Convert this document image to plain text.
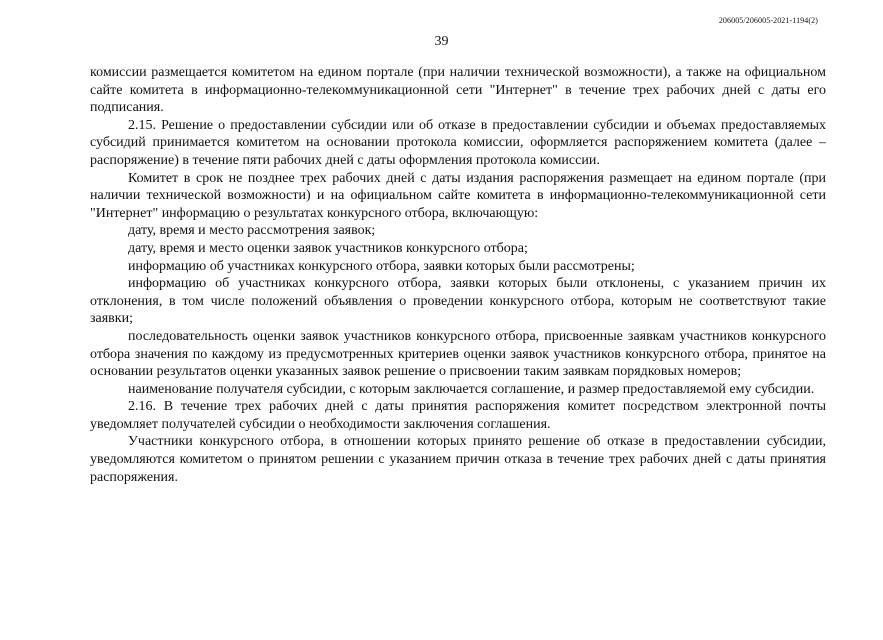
206005/206005-2021-1194(2)
39

комиссии размещается комитетом на едином портале (при наличии технической возможности), а также на официальном сайте комитета в информационно-телекоммуникационной сети "Интернет" в течение трех рабочих дней с даты его подписания.

2.15. Решение о предоставлении субсидии или об отказе в предоставлении субсидии и объемах предоставляемых субсидий принимается комитетом на основании протокола комиссии, оформляется распоряжением комитета (далее – распоряжение) в течение пяти рабочих дней с даты оформления протокола комиссии.

Комитет в срок не позднее трех рабочих дней с даты издания распоряжения размещает на едином портале (при наличии технической возможности) и на официальном сайте комитета в информационно-телекоммуникационной сети "Интернет" информацию о результатах конкурсного отбора, включающую:

дату, время и место рассмотрения заявок;

дату, время и место оценки заявок участников конкурсного отбора;

информацию об участниках конкурсного отбора, заявки которых были рассмотрены;

информацию об участниках конкурсного отбора, заявки которых были отклонены, с указанием причин их отклонения, в том числе положений объявления о проведении конкурсного отбора, которым не соответствуют такие заявки;

последовательность оценки заявок участников конкурсного отбора, присвоенные заявкам участников конкурсного отбора значения по каждому из предусмотренных критериев оценки заявок участников конкурсного отбора, принятое на основании результатов оценки указанных заявок решение о присвоении таким заявкам порядковых номеров;

наименование получателя субсидии, с которым заключается соглашение, и размер предоставляемой ему субсидии.

2.16. В течение трех рабочих дней с даты принятия распоряжения комитет посредством электронной почты уведомляет получателей субсидии о необходимости заключения соглашения.

Участники конкурсного отбора, в отношении которых принято решение об отказе в предоставлении субсидии, уведомляются комитетом о принятом решении с указанием причин отказа в течение трех рабочих дней с даты принятия распоряжения.
